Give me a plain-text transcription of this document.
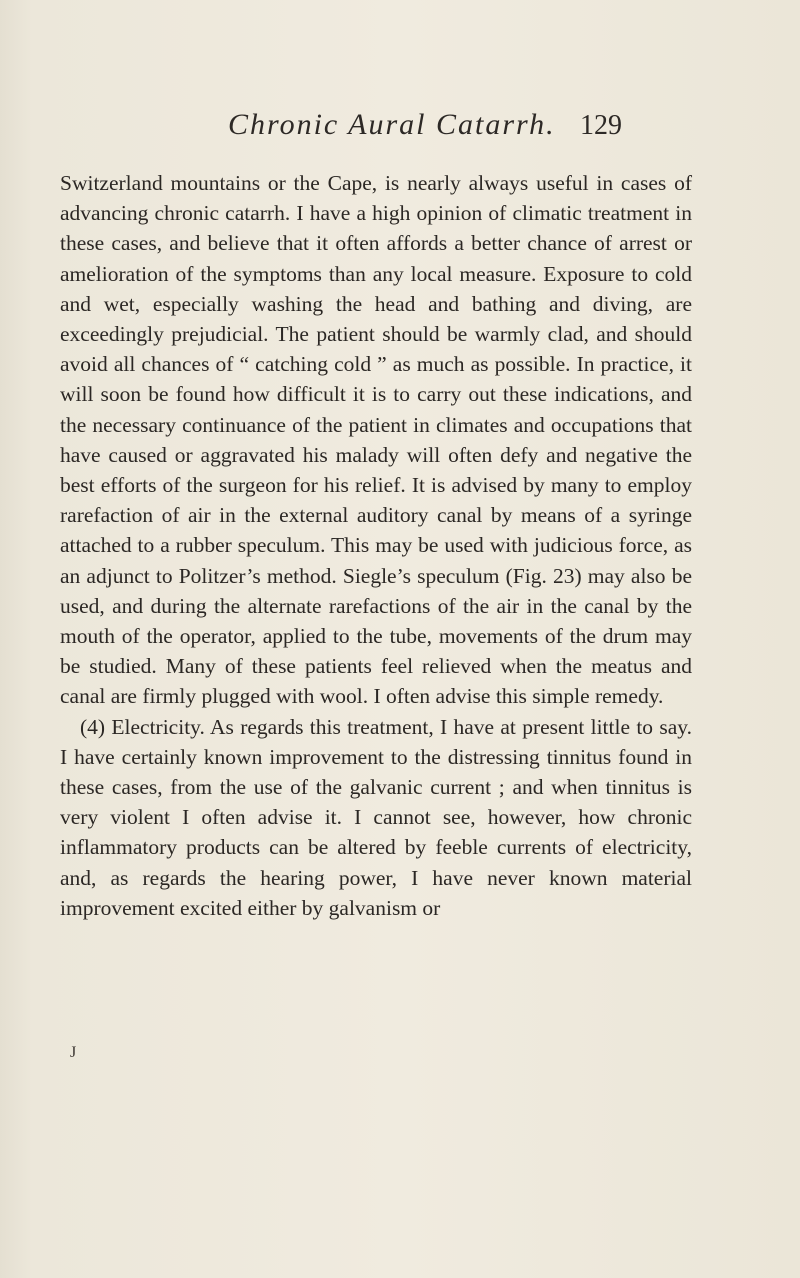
Chronic Aural Catarrh. 129

Switzerland mountains or the Cape, is nearly always useful in cases of advancing chronic catarrh. I have a high opinion of climatic treatment in these cases, and believe that it often affords a better chance of arrest or amelioration of the symptoms than any local measure. Exposure to cold and wet, especially washing the head and bathing and diving, are exceedingly prejudicial. The patient should be warmly clad, and should avoid all chances of “ catching cold ” as much as possible. In practice, it will soon be found how difficult it is to carry out these indications, and the necessary continuance of the patient in climates and occupations that have caused or aggravated his malady will often defy and negative the best efforts of the surgeon for his relief. It is advised by many to employ rarefaction of air in the external auditory canal by means of a syringe attached to a rubber speculum. This may be used with judicious force, as an adjunct to Politzer’s method. Siegle’s speculum (Fig. 23) may also be used, and during the alternate rarefactions of the air in the canal by the mouth of the operator, applied to the tube, movements of the drum may be studied. Many of these patients feel relieved when the meatus and canal are firmly plugged with wool. I often advise this simple remedy.

(4) Electricity. As regards this treatment, I have at present little to say. I have certainly known improvement to the distressing tinnitus found in these cases, from the use of the galvanic current ; and when tinnitus is very violent I often advise it. I cannot see, however, how chronic inflammatory products can be altered by feeble currents of electricity, and, as regards the hearing power, I have never known material improvement excited either by galvanism or

J
